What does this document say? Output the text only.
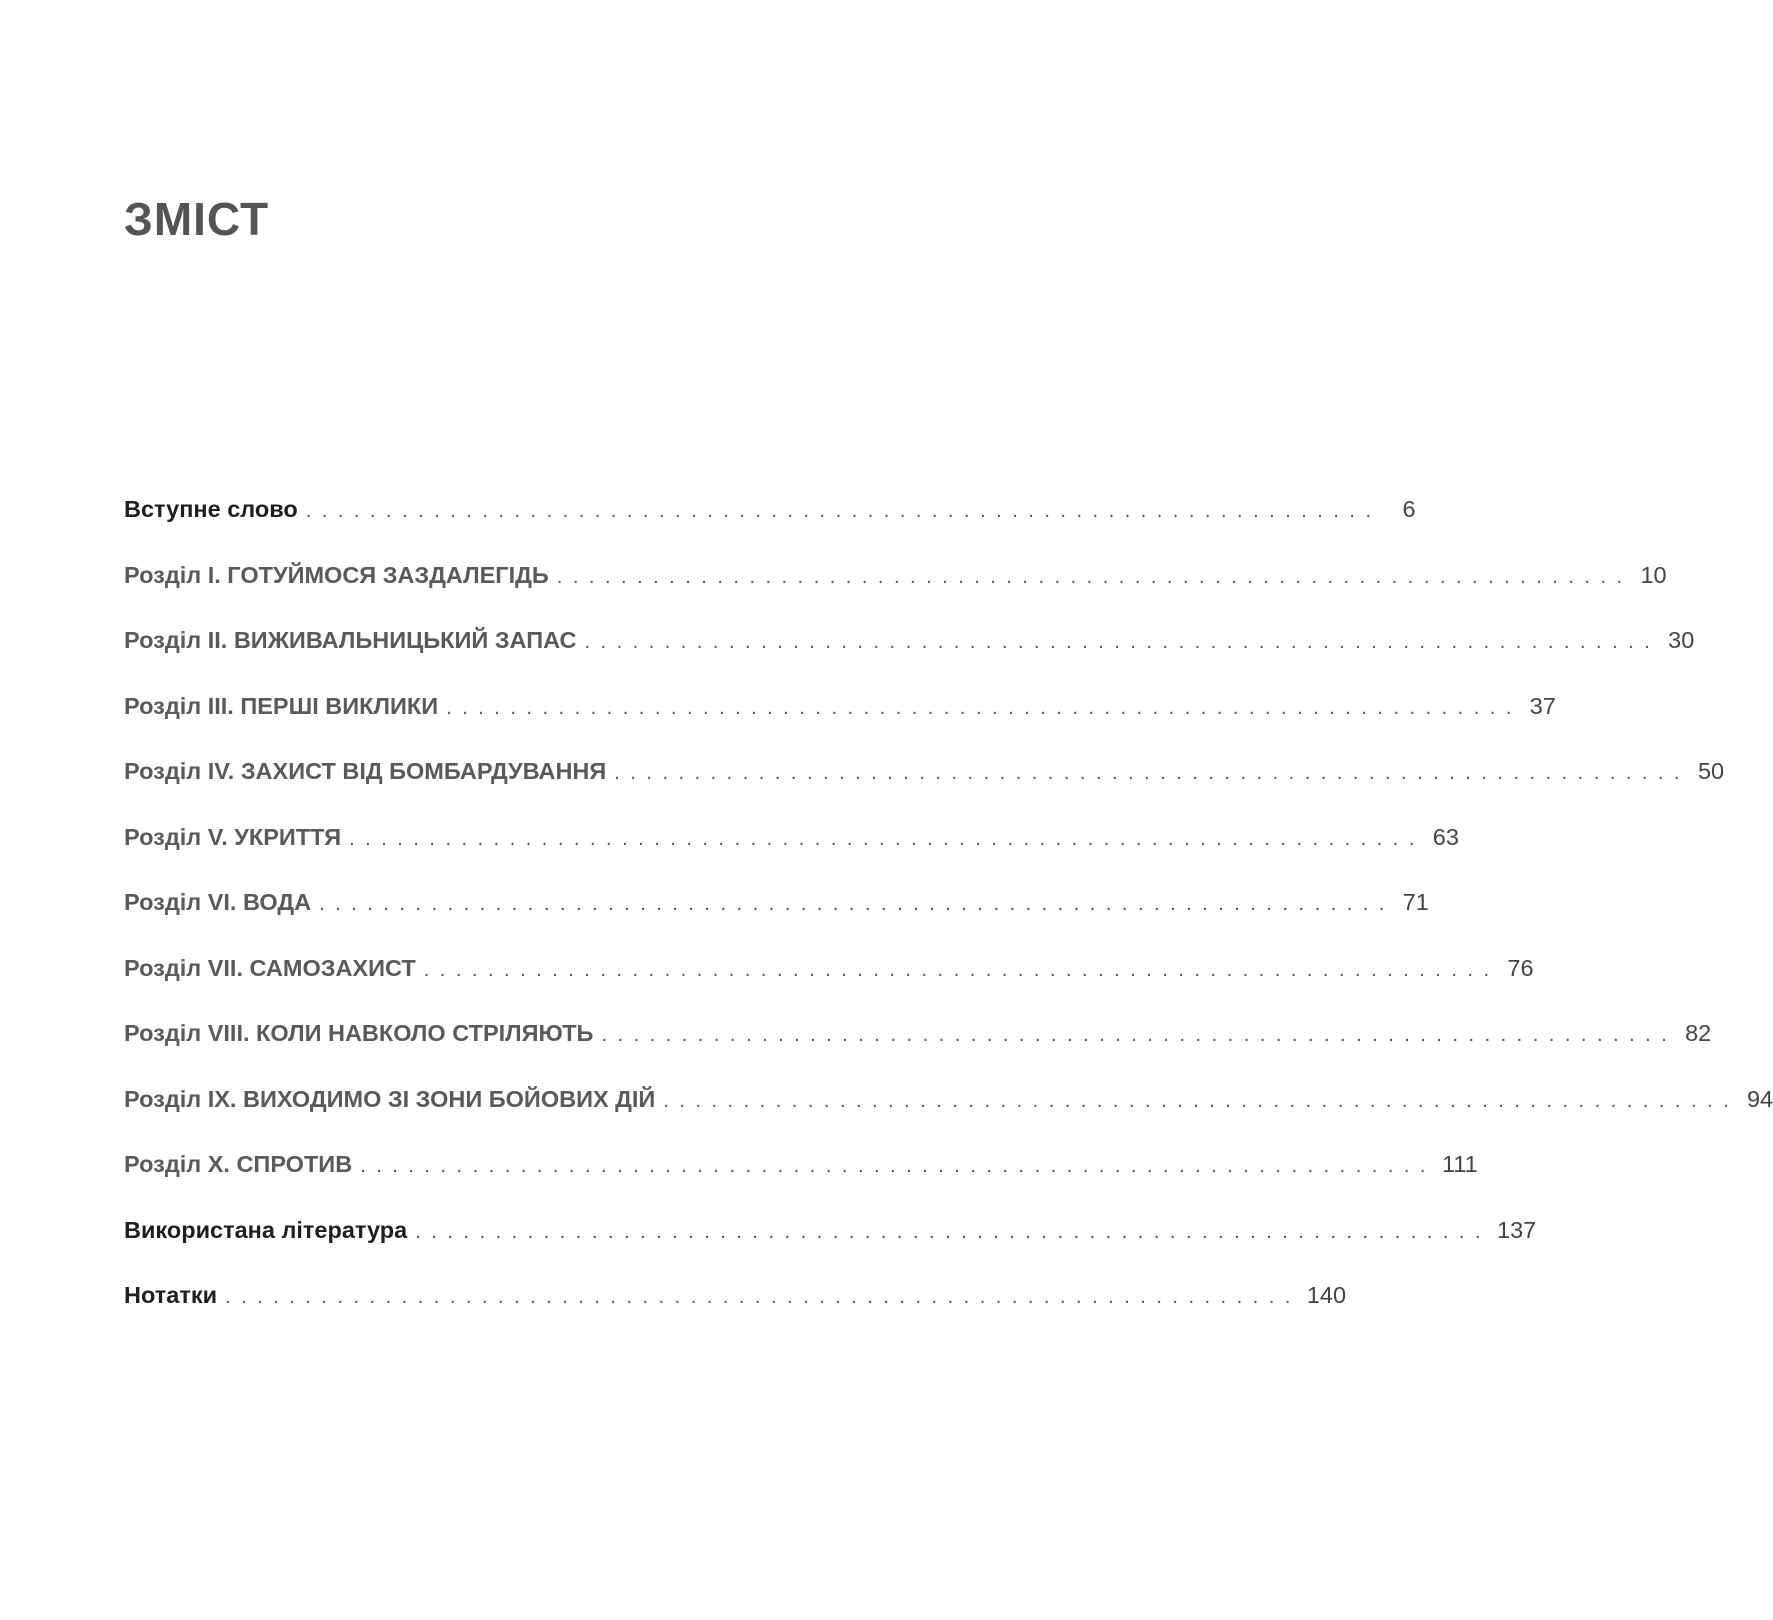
ЗМІСТ
Вступне слово ................................................................... 6
Розділ I. ГОТУЙМОСЯ ЗАЗДАЛЕГІДЬ ................................................................... 10
Розділ II. ВИЖИВАЛЬНИЦЬКИЙ ЗАПАС ................................................................... 30
Розділ III. ПЕРШІ ВИКЛИКИ ................................................................... 37
Розділ IV. ЗАХИСТ ВІД БОМБАРДУВАННЯ ................................................................... 50
Розділ V. УКРИТТЯ ................................................................... 63
Розділ VI. ВОДА ................................................................... 71
Розділ VII. САМОЗАХИСТ ................................................................... 76
Розділ VIII. КОЛИ НАВКОЛО СТРІЛЯЮТЬ ................................................................... 82
Розділ IX. ВИХОДИМО ЗІ ЗОНИ БОЙОВИХ ДІЙ ................................................................... 94
Розділ X. СПРОТИВ ................................................................... 111
Використана література ................................................................... 137
Нотатки ................................................................... 140
